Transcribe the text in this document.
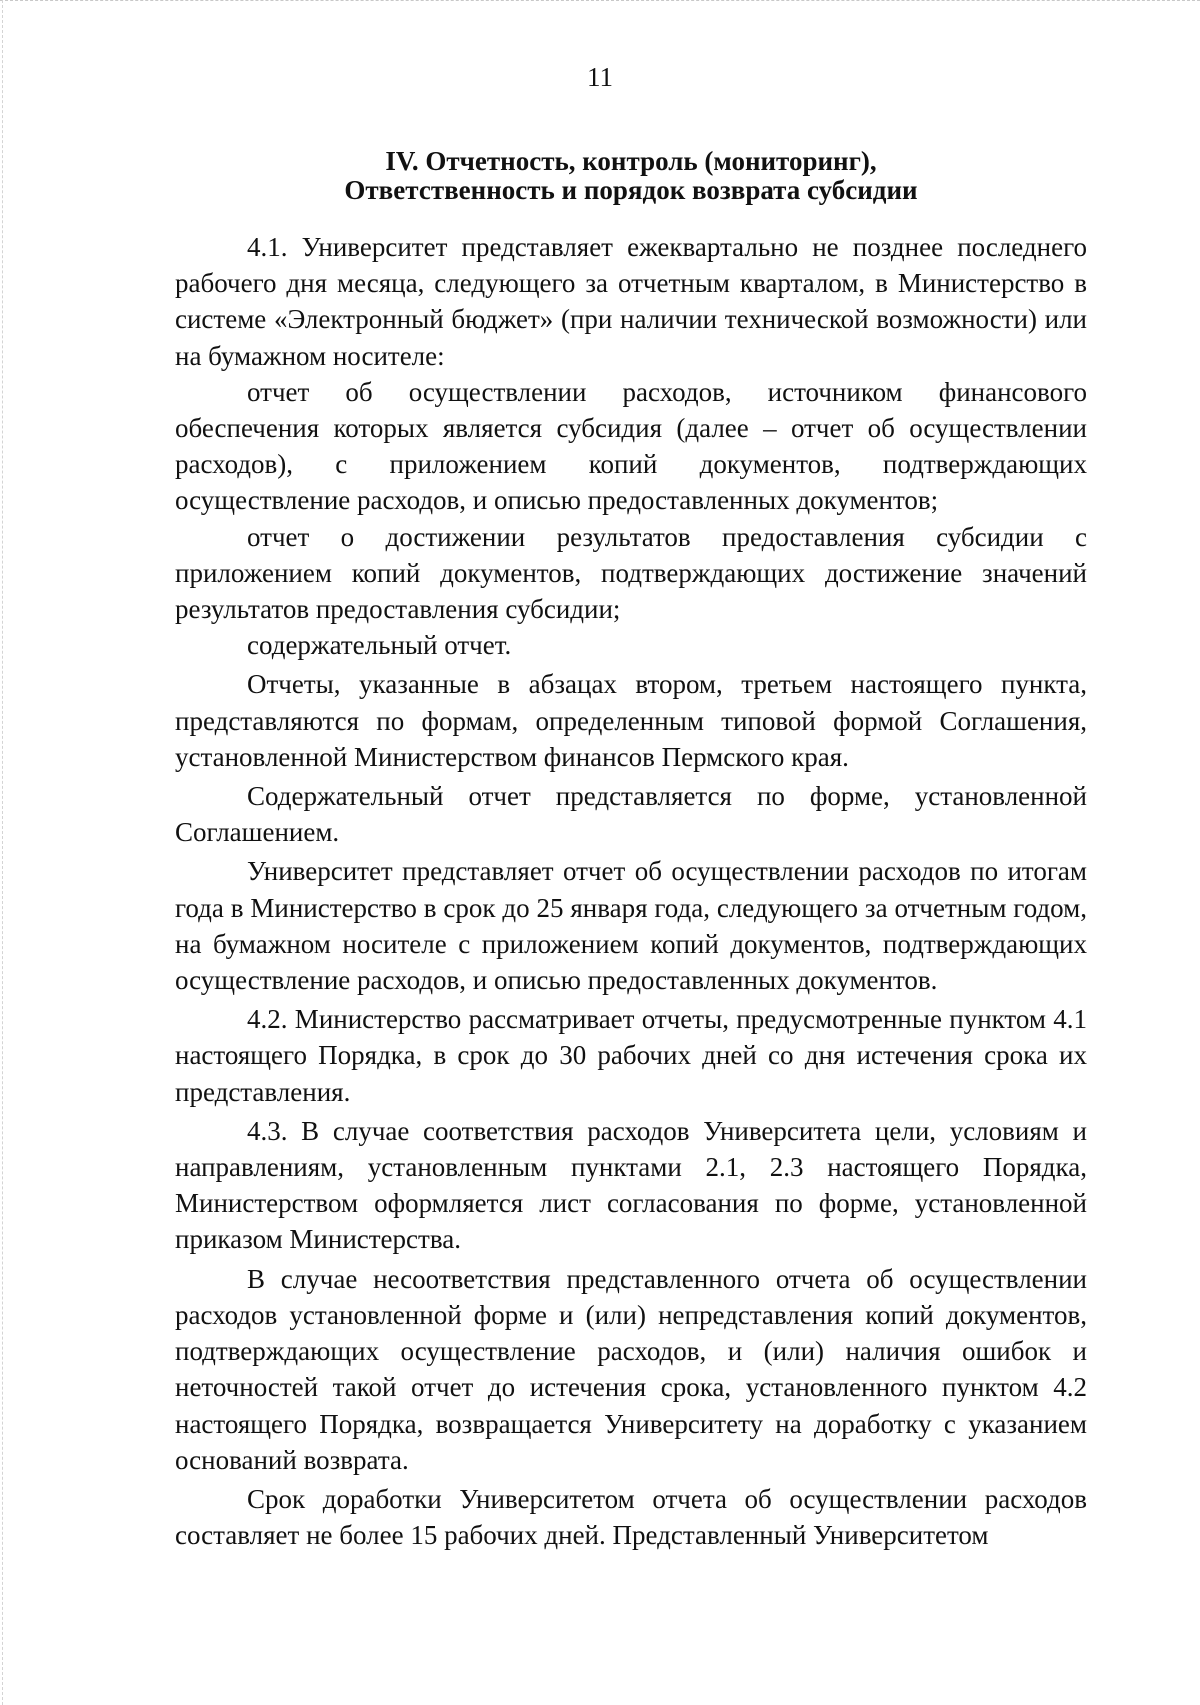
11
IV. Отчетность, контроль (мониторинг),
Ответственность и порядок возврата субсидии

4.1. Университет представляет ежеквартально не позднее последнего рабочего дня месяца, следующего за отчетным кварталом, в Министерство в системе «Электронный бюджет» (при наличии технической возможности) или на бумажном носителе:

отчет об осуществлении расходов, источником финансового обеспечения которых является субсидия (далее – отчет об осуществлении расходов), с приложением копий документов, подтверждающих осуществление расходов, и описью предоставленных документов;

отчет о достижении результатов предоставления субсидии с приложением копий документов, подтверждающих достижение значений результатов предоставления субсидии;

содержательный отчет.

Отчеты, указанные в абзацах втором, третьем настоящего пункта, представляются по формам, определенным типовой формой Соглашения, установленной Министерством финансов Пермского края.

Содержательный отчет представляется по форме, установленной Соглашением.

Университет представляет отчет об осуществлении расходов по итогам года в Министерство в срок до 25 января года, следующего за отчетным годом, на бумажном носителе с приложением копий документов, подтверждающих осуществление расходов, и описью предоставленных документов.

4.2. Министерство рассматривает отчеты, предусмотренные пунктом 4.1 настоящего Порядка, в срок до 30 рабочих дней со дня истечения срока их представления.

4.3. В случае соответствия расходов Университета цели, условиям и направлениям, установленным пунктами 2.1, 2.3 настоящего Порядка, Министерством оформляется лист согласования по форме, установленной приказом Министерства.

В случае несоответствия представленного отчета об осуществлении расходов установленной форме и (или) непредставления копий документов, подтверждающих осуществление расходов, и (или) наличия ошибок и неточностей такой отчет до истечения срока, установленного пунктом 4.2 настоящего Порядка, возвращается Университету на доработку с указанием оснований возврата.

Срок доработки Университетом отчета об осуществлении расходов составляет не более 15 рабочих дней. Представленный Университетом
